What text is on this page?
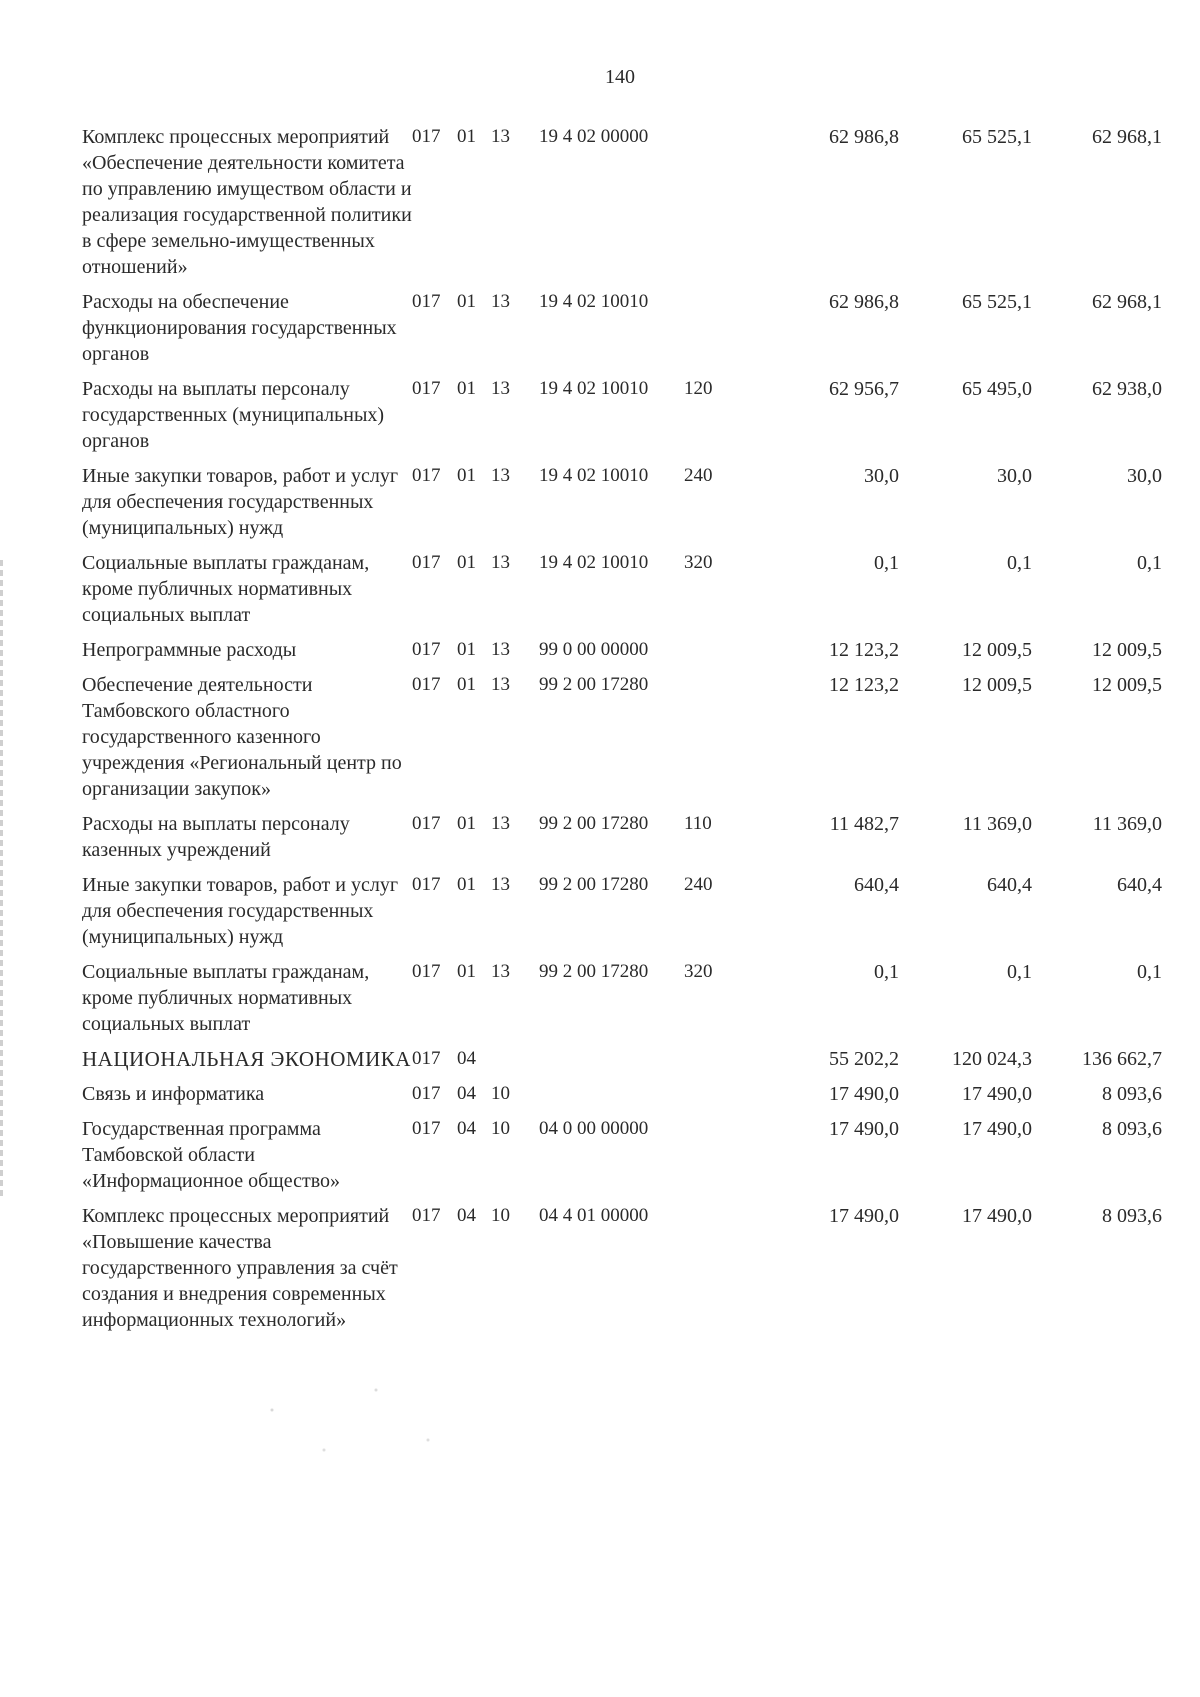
140
Комплекс процессных мероприятий «Обеспечение деятельности комитета по управлению имуществом области и реализация государственной политики в сфере земельно-имущественных отношений»	017	01	13	19 4 02 00000		62 986,8	65 525,1	62 968,1
Расходы на обеспечение функционирования государственных органов	017	01	13	19 4 02 10010		62 986,8	65 525,1	62 968,1
Расходы на выплаты персоналу государственных (муниципальных) органов	017	01	13	19 4 02 10010	120	62 956,7	65 495,0	62 938,0
Иные закупки товаров, работ и услуг для обеспечения государственных (муниципальных) нужд	017	01	13	19 4 02 10010	240	30,0	30,0	30,0
Социальные выплаты гражданам, кроме публичных нормативных социальных выплат	017	01	13	19 4 02 10010	320	0,1	0,1	0,1
Непрограммные расходы	017	01	13	99 0 00 00000		12 123,2	12 009,5	12 009,5
Обеспечение деятельности Тамбовского областного государственного казенного учреждения «Региональный центр по организации закупок»	017	01	13	99 2 00 17280		12 123,2	12 009,5	12 009,5
Расходы на выплаты персоналу казенных учреждений	017	01	13	99 2 00 17280	110	11 482,7	11 369,0	11 369,0
Иные закупки товаров, работ и услуг для обеспечения государственных (муниципальных) нужд	017	01	13	99 2 00 17280	240	640,4	640,4	640,4
Социальные выплаты гражданам, кроме публичных нормативных социальных выплат	017	01	13	99 2 00 17280	320	0,1	0,1	0,1
НАЦИОНАЛЬНАЯ ЭКОНОМИКА	017	04				55 202,2	120 024,3	136 662,7
Связь и информатика	017	04	10			17 490,0	17 490,0	8 093,6
Государственная программа Тамбовской области «Информационное общество»	017	04	10	04 0 00 00000		17 490,0	17 490,0	8 093,6
Комплекс процессных мероприятий «Повышение качества государственного управления за счёт создания и внедрения современных информационных технологий»	017	04	10	04 4 01 00000		17 490,0	17 490,0	8 093,6
